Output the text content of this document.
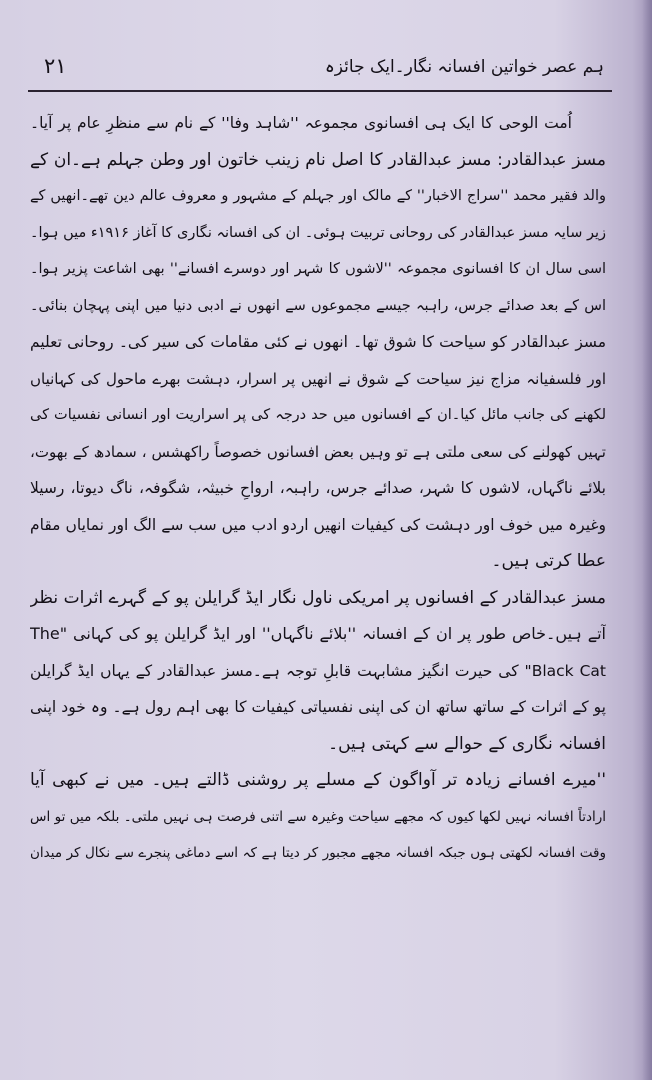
۲۱	ہم عصر خواتین افسانہ نگار۔ایک جائزہ
اُمت الوحی کا ایک ہی افسانوی مجموعہ ''شاہد وفا'' کے نام سے منظرِ عام پر آیا۔
مسز عبدالقادر: مسز عبدالقادر کا اصل نام زینب خاتون اور وطن جہلم ہے۔ان کے
والد فقیر محمد ''سراج الاخبار'' کے مالک اور جہلم کے مشہور و معروف عالم دین تھے۔انھیں کے
زیر سایہ مسز عبدالقادر کی روحانی تربیت ہوئی۔ ان کی افسانہ نگاری کا آغاز ۱۹۱۶ء میں ہوا۔
اسی سال ان کا افسانوی مجموعہ ''لاشوں کا شہر اور دوسرے افسانے'' بھی اشاعت پزیر ہوا۔
اس کے بعد صدائے جرس، راہبہ جیسے مجموعوں سے انھوں نے ادبی دنیا میں اپنی پہچان بنائی۔
مسز عبدالقادر کو سیاحت کا شوق تھا۔ انھوں نے کئی مقامات کی سیر کی۔ روحانی تعلیم
اور فلسفیانہ مزاج نیز سیاحت کے شوق نے انھیں پر اسرار، دہشت بھرے ماحول کی کہانیاں
لکھنے کی جانب مائل کیا۔ان کے افسانوں میں حد درجہ کی پر اسراریت اور انسانی نفسیات کی
تہیں کھولنے کی سعی ملتی ہے تو وہیں بعض افسانوں خصوصاً راکھشس ، سمادھ کے بھوت،
بلائے ناگہاں، لاشوں کا شہر، صدائے جرس، راہبہ، ارواحِ خبیثہ، شگوفہ، ناگ دیوتا، رسیلا
وغیرہ میں خوف اور دہشت کی کیفیات انھیں اردو ادب میں سب سے الگ اور نمایاں مقام
عطا کرتی ہیں۔
مسز عبدالقادر کے افسانوں پر امریکی ناول نگار ایڈ گرایلن پو کے گہرے اثرات نظر
آتے ہیں۔خاص طور پر ان کے افسانہ ''بلائے ناگہاں'' اور ایڈ گرایلن پو کی کہانی "The
Black Cat" کی حیرت انگیز مشابہت قابلِ توجہ ہے۔مسز عبدالقادر کے یہاں ایڈ گرایلن
پو کے اثرات کے ساتھ ساتھ ان کی اپنی نفسیاتی کیفیات کا بھی اہم رول ہے۔ وہ خود اپنی
افسانہ نگاری کے حوالے سے کہتی ہیں۔
''میرے افسانے زیادہ تر آواگون کے مسلے پر روشنی ڈالتے ہیں۔ میں نے کبھی آیا
ارادتاً افسانہ نہیں لکھا کیوں کہ مجھے سیاحت وغیرہ سے اتنی فرصت ہی نہیں ملتی۔ بلکہ میں تو اس
وقت افسانہ لکھتی ہوں جبکہ افسانہ مجھے مجبور کر دیتا ہے کہ اسے دماغی پنجرے سے نکال کر میدان
